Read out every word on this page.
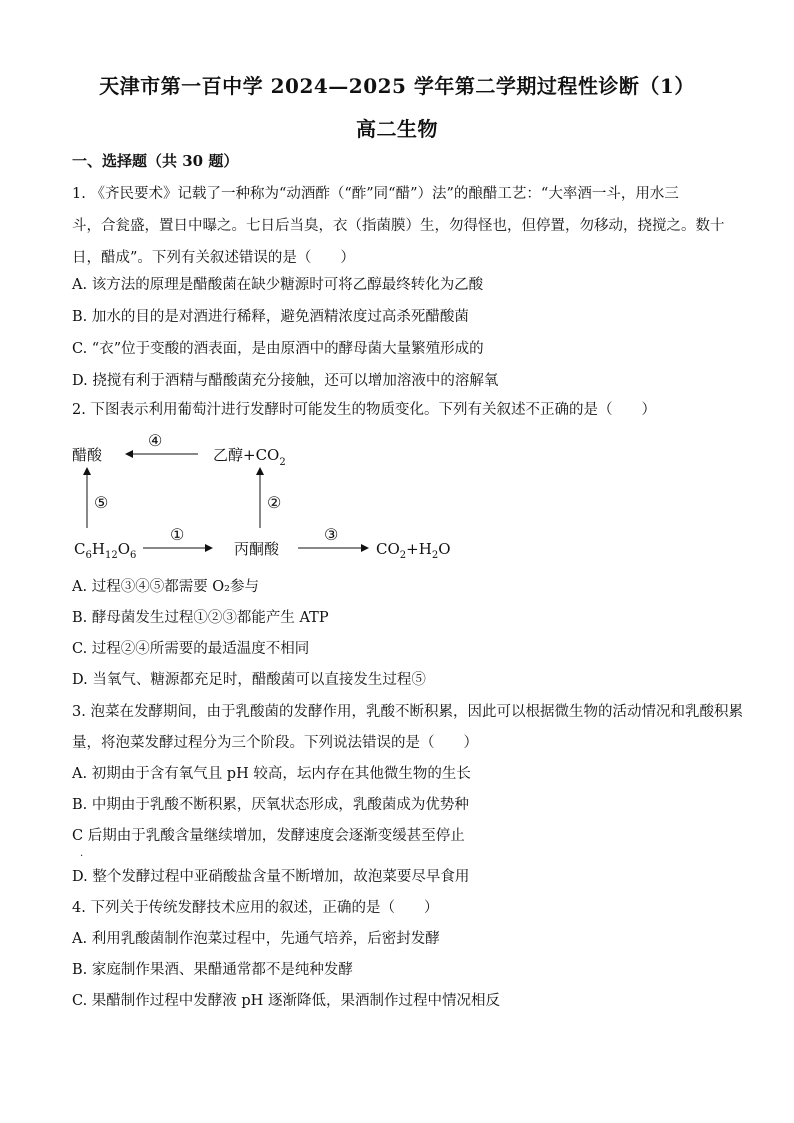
天津市第一百中学 2024—2025 学年第二学期过程性诊断（1）
高二生物
一、选择题（共 30 题）
1. 《齐民要术》记载了一种称为“动酒酢（“酢”同“醋”）法”的酿醋工艺：“大率酒一斗，用水三
斗，合瓮盛，置日中曝之。七日后当臭，衣（指菌膜）生，勿得怪也，但停置，勿移动，挠搅之。数十
日，醋成”。下列有关叙述错误的是（　　）
A. 该方法的原理是醋酸菌在缺少糖源时可将乙醇最终转化为乙酸
B. 加水的目的是对酒进行稀释，避免酒精浓度过高杀死醋酸菌
C. “衣”位于变酸的酒表面，是由原酒中的酵母菌大量繁殖形成的
D. 挠搅有利于酒精与醋酸菌充分接触，还可以增加溶液中的溶解氧
2. 下图表示利用葡萄汁进行发酵时可能发生的物质变化。下列有关叙述不正确的是（　　）
醋酸	乙醇$+CO_2$
④
⑤	②
$C_6H_{12}O_6$
①
丙酮酸
③
$CO_2+H_2O$
A. 过程③④⑤都需要 O₂参与
B. 酵母菌发生过程①②③都能产生 ATP
C. 过程②④所需要的最适温度不相同
D. 当氧气、糖源都充足时，醋酸菌可以直接发生过程⑤
3. 泡菜在发酵期间，由于乳酸菌的发酵作用，乳酸不断积累，因此可以根据微生物的活动情况和乳酸积累
量，将泡菜发酵过程分为三个阶段。下列说法错误的是（　　）
A. 初期由于含有氧气且 pH 较高，坛内存在其他微生物的生长
B. 中期由于乳酸不断积累，厌氧状态形成，乳酸菌成为优势种
C 后期由于乳酸含量继续增加，发酵速度会逐渐变缓甚至停止
.
D. 整个发酵过程中亚硝酸盐含量不断增加，故泡菜要尽早食用
4. 下列关于传统发酵技术应用的叙述，正确的是（　　）
A. 利用乳酸菌制作泡菜过程中，先通气培养，后密封发酵
B. 家庭制作果酒、果醋通常都不是纯种发酵
C. 果醋制作过程中发酵液 pH 逐渐降低，果酒制作过程中情况相反
